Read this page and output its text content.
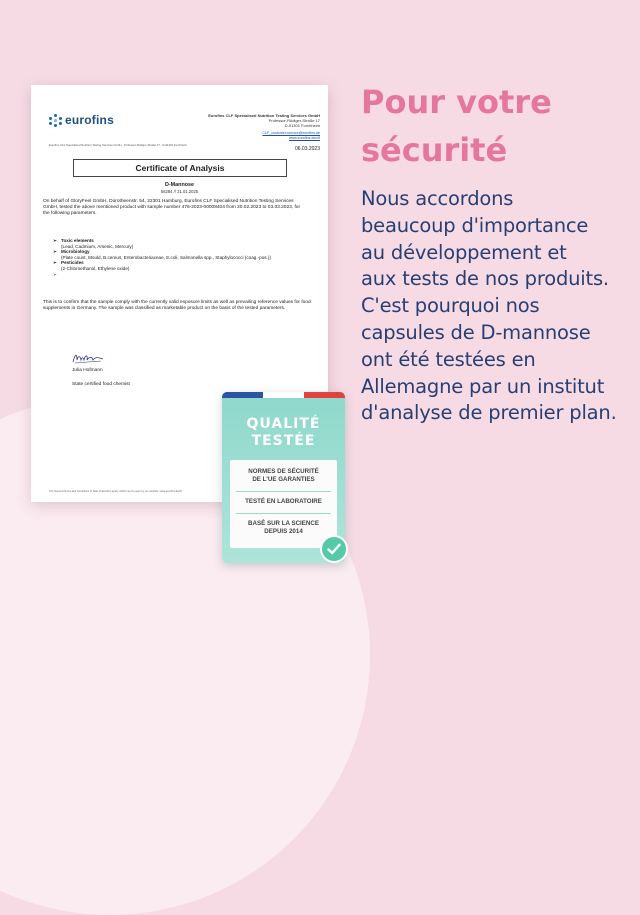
eurofins	Eurofins CLF Specialised Nutrition Testing Services GmbH
Professor-Rüdiger-Straße 17
D-91301 Forchheim
CLF_customer-service@eurofins.de
www.eurofins.de/clf
Eurofins CLF Specialised Nutrition Testing Services GmbH · Professor-Rüdiger-Straße 17 · D-91301 Forchheim
06.03.2023
Certificate of Analysis
D-Mannose
56284 // 31.01.2025
On behalf of GloryFeel GmbH, Dorotheenstr. 54, 22301 Hamburg, Eurofins CLF Specialised Nutrition Testing Services GmbH, tested the above mentioned product with sample number 476-2023-00008404 from 20.02.2023 to 03.03.2023, for the following parameters.
➢ Toxic elements
(Lead, Cadmium, Arsenic, Mercury)
➢ Microbiology
(Plate count, Mould, B.cereus, Enterobacteriaceae, E.coli, Salmonella spp., Staphylococci (coag.-pos.))
➢ Pesticides
(2-Chloroethanol, Ethylene oxide)
➢
This is to confirm that the sample comply with the currently valid exposure limits as well as prevailing reference values for food supplements in Germany. The sample was classified as marketable product on the basis of the tested parameters.
Julia Hofmann
State certified food chemist
The General Terms and Conditions of Sale of Eurofins apply, which can be seen by our website: www.eurofins.de/clf
QUALITÉ
TESTÉE
NORMES DE SÉCURITÉ
DE L'UE GARANTIES
TESTÉ EN LABORATOIRE
BASÉ SUR LA SCIENCE
DEPUIS 2014
Pour votre
sécurité
Nous accordons
beaucoup d'importance
au développement et
aux tests de nos produits.
C'est pourquoi nos
capsules de D-mannose
ont été testées en
Allemagne par un institut
d'analyse de premier plan.
